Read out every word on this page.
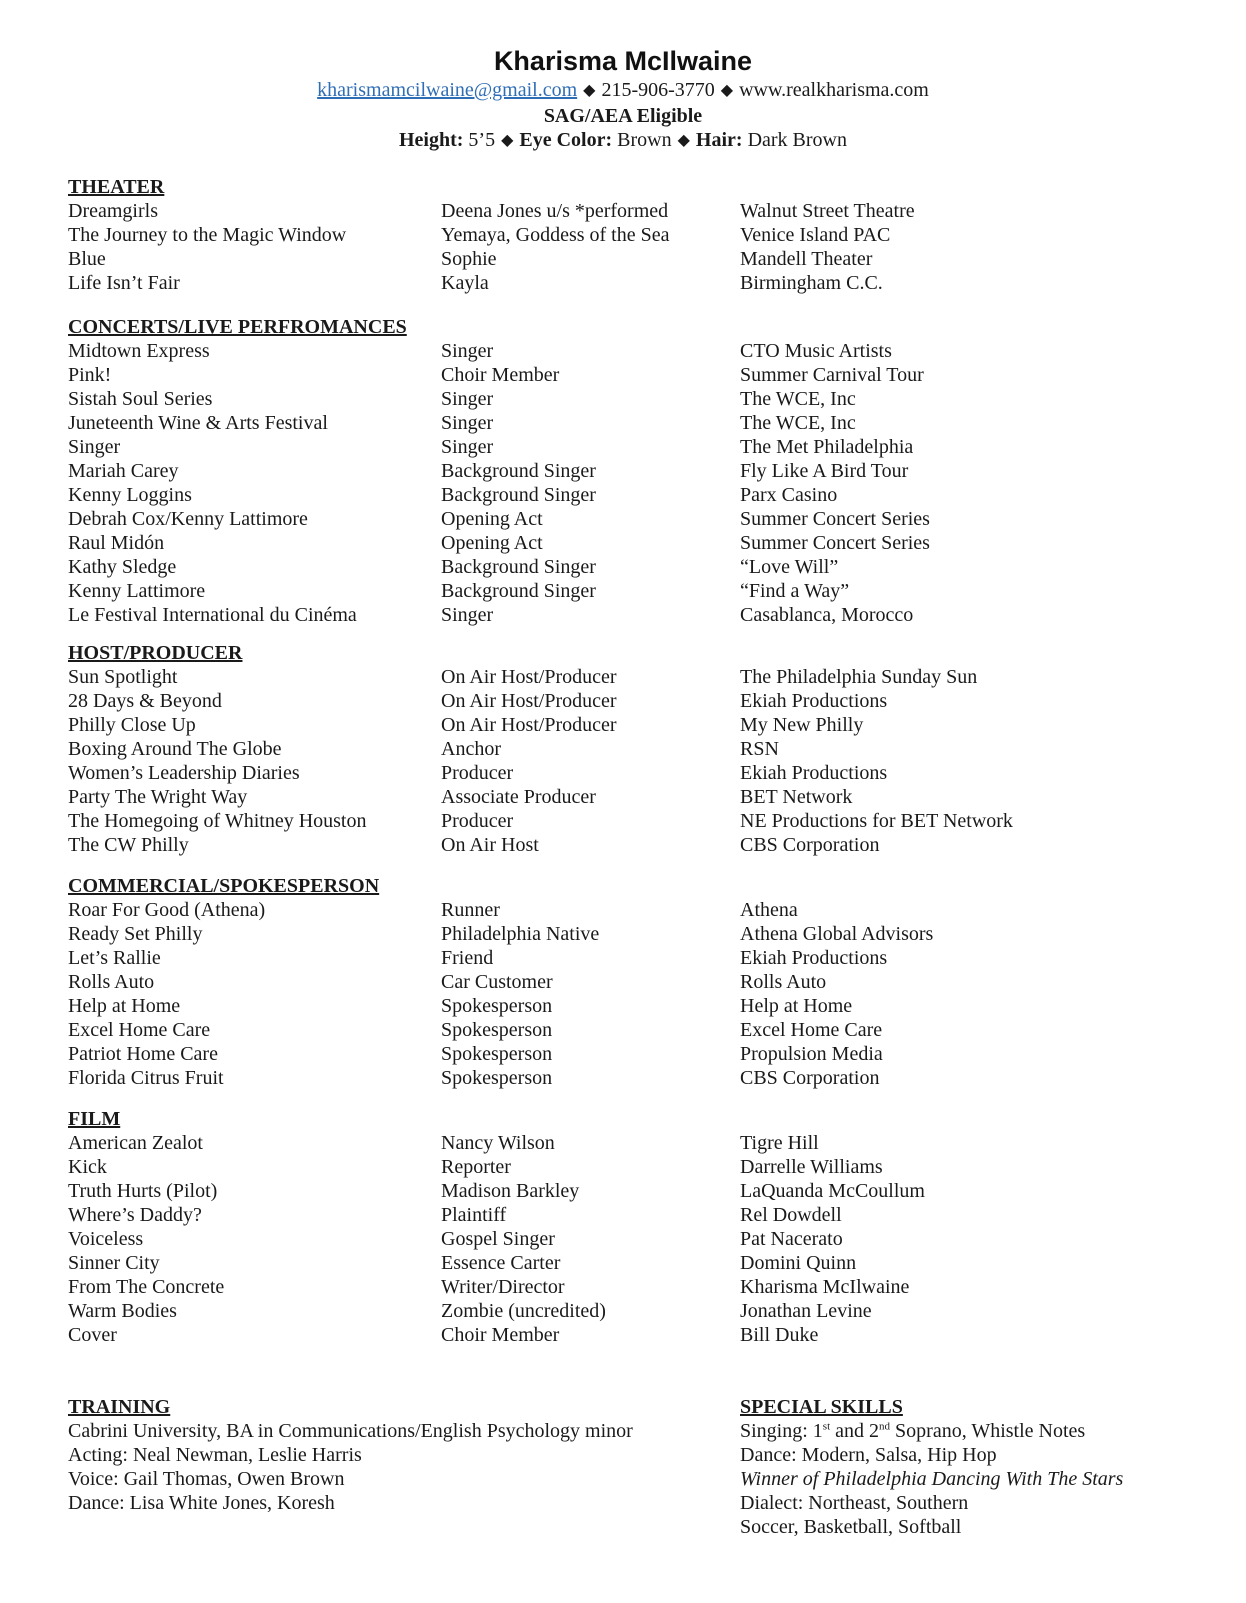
Kharisma McIlwaine
kharismamcilwaine@gmail.com ◆ 215-906-3770 ◆ www.realkharisma.com
SAG/AEA Eligible
Height: 5’5 ◆ Eye Color: Brown ◆ Hair: Dark Brown
THEATER
Dreamgirls	Deena Jones u/s *performed	Walnut Street Theatre
The Journey to the Magic Window	Yemaya, Goddess of the Sea	Venice Island PAC
Blue	Sophie	Mandell Theater
Life Isn’t Fair	Kayla	Birmingham C.C.
CONCERTS/LIVE PERFROMANCES
Midtown Express	Singer	CTO Music Artists
Pink!	Choir Member	Summer Carnival Tour
Sistah Soul Series	Singer	The WCE, Inc
Juneteenth Wine & Arts Festival	Singer	The WCE, Inc
Singer	Singer	The Met Philadelphia
Mariah Carey	Background Singer	Fly Like A Bird Tour
Kenny Loggins	Background Singer	Parx Casino
Debrah Cox/Kenny Lattimore	Opening Act	Summer Concert Series
Raul Midón	Opening Act	Summer Concert Series
Kathy Sledge	Background Singer	“Love Will”
Kenny Lattimore	Background Singer	“Find a Way”
Le Festival International du Cinéma	Singer	Casablanca, Morocco
HOST/PRODUCER
Sun Spotlight	On Air Host/Producer	The Philadelphia Sunday Sun
28 Days & Beyond	On Air Host/Producer	Ekiah Productions
Philly Close Up	On Air Host/Producer	My New Philly
Boxing Around The Globe	Anchor	RSN
Women’s Leadership Diaries	Producer	Ekiah Productions
Party The Wright Way	Associate Producer	BET Network
The Homegoing of Whitney Houston	Producer	NE Productions for BET Network
The CW Philly	On Air Host	CBS Corporation
COMMERCIAL/SPOKESPERSON
Roar For Good (Athena)	Runner	Athena
Ready Set Philly	Philadelphia Native	Athena Global Advisors
Let’s Rallie	Friend	Ekiah Productions
Rolls Auto	Car Customer	Rolls Auto
Help at Home	Spokesperson	Help at Home
Excel Home Care	Spokesperson	Excel Home Care
Patriot Home Care	Spokesperson	Propulsion Media
Florida Citrus Fruit	Spokesperson	CBS Corporation
FILM
American Zealot	Nancy Wilson	Tigre Hill
Kick	Reporter	Darrelle Williams
Truth Hurts (Pilot)	Madison Barkley	LaQuanda McCoullum
Where’s Daddy?	Plaintiff	Rel Dowdell
Voiceless	Gospel Singer	Pat Nacerato
Sinner City	Essence Carter	Domini Quinn
From The Concrete	Writer/Director	Kharisma McIlwaine
Warm Bodies	Zombie (uncredited)	Jonathan Levine
Cover	Choir Member	Bill Duke
TRAINING
Cabrini University, BA in Communications/English Psychology minor
Acting: Neal Newman, Leslie Harris
Voice: Gail Thomas, Owen Brown
Dance: Lisa White Jones, Koresh
SPECIAL SKILLS
Singing: 1st and 2nd Soprano, Whistle Notes
Dance: Modern, Salsa, Hip Hop
Winner of Philadelphia Dancing With The Stars
Dialect: Northeast, Southern
Soccer, Basketball, Softball
